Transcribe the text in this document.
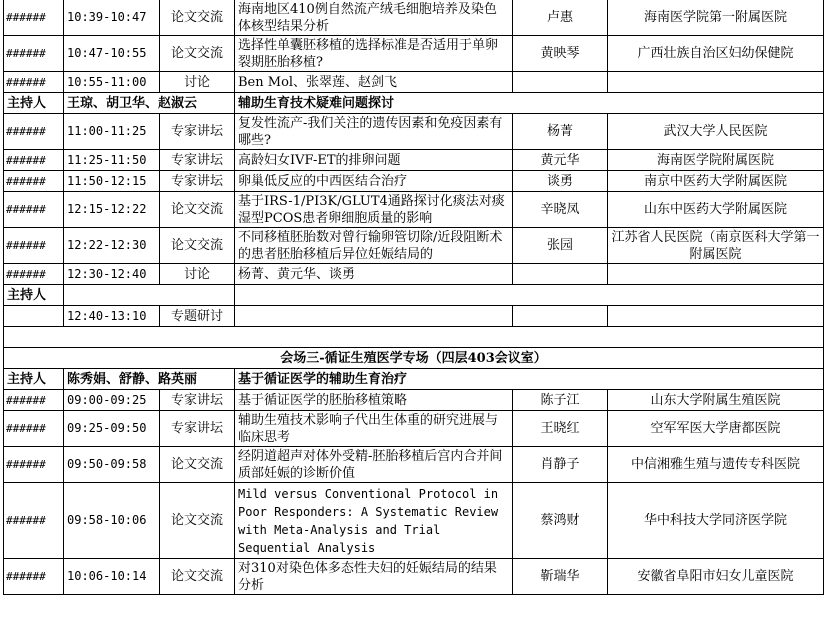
######	10:39-10:47	论文交流	海南地区410例自然流产绒毛细胞培养及染色体核型结果分析	卢惠	海南医学院第一附属医院
######	10:47-10:55	论文交流	选择性单囊胚移植的选择标准是否适用于单卵裂期胚胎移植?	黄映琴	广西壮族自治区妇幼保健院
######	10:55-11:00	讨论	Ben Mol、张翠莲、赵剑飞		
主持人	王琼、胡卫华、赵淑云		辅助生育技术疑难问题探讨		
######	11:00-11:25	专家讲坛	复发性流产-我们关注的遗传因素和免疫因素有哪些?	杨菁	武汉大学人民医院
######	11:25-11:50	专家讲坛	高龄妇女IVF-ET的排卵问题	黄元华	海南医学院附属医院
######	11:50-12:15	专家讲坛	卵巢低反应的中西医结合治疗	谈勇	南京中医药大学附属医院
######	12:15-12:22	论文交流	基于IRS-1/PI3K/GLUT4通路探讨化痰法对痰湿型PCOS患者卵细胞质量的影响	辛晓凤	山东中医药大学附属医院
######	12:22-12:30	论文交流	不同移植胚胎数对曾行输卵管切除/近段阻断术的患者胚胎移植后异位妊娠结局的	张园	江苏省人民医院（南京医科大学第一附属医院
######	12:30-12:40	讨论	杨菁、黄元华、谈勇		
主持人					
	12:40-13:10	专题研讨			

会场三-循证生殖医学专场（四层403会议室）					
主持人	陈秀娟、舒静、路英丽		基于循证医学的辅助生育治疗		
######	09:00-09:25	专家讲坛	基于循证医学的胚胎移植策略	陈子江	山东大学附属生殖医院
######	09:25-09:50	专家讲坛	辅助生殖技术影响子代出生体重的研究进展与临床思考	王晓红	空军军医大学唐都医院
######	09:50-09:58	论文交流	经阴道超声对体外受精-胚胎移植后宫内合并间质部妊娠的诊断价值	肖静子	中信湘雅生殖与遗传专科医院
######	09:58-10:06	论文交流	Mild versus Conventional Protocol in Poor Responders: A Systematic Review with Meta-Analysis and Trial Sequential Analysis	蔡鸿财	华中科技大学同济医学院
######	10:06-10:14	论文交流	对310对染色体多态性夫妇的妊娠结局的结果分析	靳瑞华	安徽省阜阳市妇女儿童医院
